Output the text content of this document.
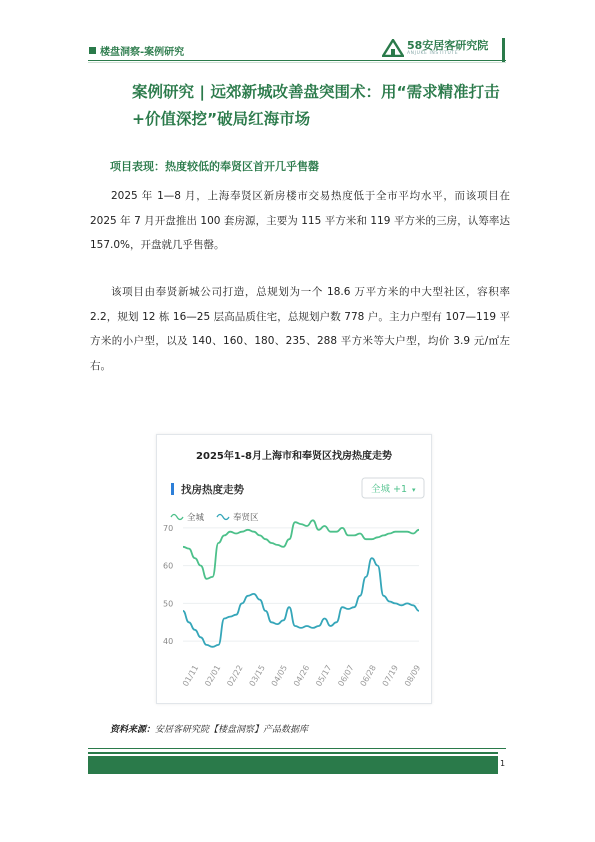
楼盘洞察-案例研究
58安居客研究院
ANJUKE INSTITUTE
案例研究 | 远郊新城改善盘突围术：用“需求精准打击+价值深挖”破局红海市场
项目表现：热度较低的奉贤区首开几乎售罄
2025 年 1—8 月，上海奉贤区新房楼市交易热度低于全市平均水平，而该项目在 2025 年 7 月开盘推出 100 套房源，主要为 115 平方米和 119 平方米的三房，认筹率达 157.0%，开盘就几乎售罄。
该项目由奉贤新城公司打造，总规划为一个 18.6 万平方米的中大型社区，容积率 2.2，规划 12 栋 16—25 层高品质住宅，总规划户数 778 户。主力户型有 107—119 平方米的小户型，以及 140、160、180、235、288 平方米等大户型，均价 3.9 元/㎡左右。
2025年1-8月上海市和奉贤区找房热度走势
找房热度走势	全城 +1 ▾
全城	奉贤区
70
60
50
40
01/11 02/01 02/22 03/15 04/05 04/26 05/17 06/07 06/28 07/19 08/09
资料来源：安居客研究院【楼盘洞察】产品数据库
1
